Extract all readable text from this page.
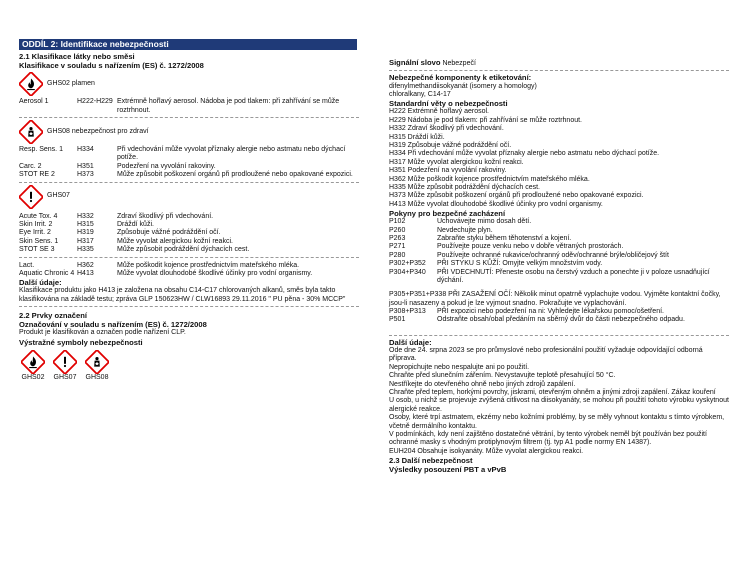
ODDÍL 2: Identifikace nebezpečnosti
2.1 Klasifikace látky nebo směsi
Klasifikace v souladu s nařízením (ES) č. 1272/2008
GHS02 plamen
Aerosol 1	H222-H229 Extrémně hořlavý aerosol. Nádoba je pod tlakem: při zahřívání se může roztrhnout.
GHS08 nebezpečnost pro zdraví
Resp. Sens. 1	H334	Při vdechování může vyvolat příznaky alergie nebo astmatu nebo dýchací potíže.
Carc. 2	H351	Podezření na vyvolání rakoviny.
STOT RE 2	H373	Může způsobit poškození orgánů při prodloužené nebo opakované expozici.
GHS07
Acute Tox. 4	H332	Zdraví škodlivý při vdechování.
Skin Irrit. 2	H315	Dráždí kůži.
Eye Irrit. 2	H319	Způsobuje vážné podráždění očí.
Skin Sens. 1	H317	Může vyvolat alergickou kožní reakci.
STOT SE 3	H335	Může způsobit podráždění dýchacích cest.
Lact.	H362	Může poškodit kojence prostřednictvím mateřského mléka.
Aquatic Chronic 4 H413	Může vyvolat dlouhodobé škodlivé účinky pro vodní organismy.
Další údaje:
Klasifikace produktu jako H413 je založena na obsahu C14-C17 chlorovaných alkanů, směs byla takto klasifikována na základě testu; zpráva GLP 150623HW / CLW16893 29.11.2016 " PU pěna - 30% MCCP"
2.2 Prvky označení
Označování v souladu s nařízením (ES) č. 1272/2008
Produkt je klasifikován a označen podle nařízení CLP.
Výstražné symboly nebezpečnosti
GHS02 GHS07 GHS08
Signální slovo Nebezpečí
Nebezpečné komponenty k etiketování:
difenylmethandiisokyanát (isomery a homology)
chloralkany, C14-17
Standardní věty o nebezpečnosti
H222 Extrémně hořlavý aerosol.
H229 Nádoba je pod tlakem: při zahřívání se může roztrhnout.
H332 Zdraví škodlivý při vdechování.
H315 Dráždí kůži.
H319 Způsobuje vážné podráždění očí.
H334 Při vdechování může vyvolat příznaky alergie nebo astmatu nebo dýchací potíže.
H317 Může vyvolat alergickou kožní reakci.
H351 Podezření na vyvolání rakoviny.
H362 Může poškodit kojence prostřednictvím mateřského mléka.
H335 Může způsobit podráždění dýchacích cest.
H373 Může způsobit poškození orgánů při prodloužené nebo opakované expozici.
H413 Může vyvolat dlouhodobé škodlivé účinky pro vodní organismy.
Pokyny pro bezpečné zacházení
P102	Uchovávejte mimo dosah dětí.
P260	Nevdechujte plyn.
P263	Zabraňte styku během těhotenství a kojení.
P271	Používejte pouze venku nebo v dobře větraných prostorách.
P280	Používejte ochranné rukavice/ochranný oděv/ochranné brýle/obličejový štít
P302+P352	PŘI STYKU S KŮŽÍ: Omyjte velkým množstvím vody.
P304+P340	PŘI VDECHNUTÍ: Přeneste osobu na čerstvý vzduch a ponechte ji v poloze usnadňující dýchání.
P305+P351+P338 PŘI ZASAŽENÍ OČÍ: Několik minut opatrně vyplachujte vodou. Vyjměte kontaktní čočky, jsou-li nasazeny a pokud je lze vyjmout snadno. Pokračujte ve vyplachování.
P308+P313	PŘI expozici nebo podezření na ni: Vyhledejte lékařskou pomoc/ošetření.
P501	Odstraňte obsah/obal předáním na sběrný dvůr do části nebezpečného odpadu.
Další údaje:
Ode dne 24. srpna 2023 se pro průmyslové nebo profesionální použití vyžaduje odpovídající odborná příprava.
Nepropichujte nebo nespalujte ani po použití.
Chraňte před slunečním zářením. Nevystavujte teplotě přesahující 50 °C.
Nestříkejte do otevřeného ohně nebo jiných zdrojů zapálení.
Chraňte před teplem, horkými povrchy, jiskrami, otevřeným ohněm a jinými zdroji zapálení. Zákaz kouření
U osob, u nichž se projevuje zvýšená citlivost na diisokyanáty, se mohou při použití tohoto výrobku vyskytnout alergické reakce.
Osoby, které trpí astmatem, ekzémy nebo kožními problémy, by se měly vyhnout kontaktu s tímto výrobkem, včetně dermálního kontaktu.
V podmínkách, kdy není zajištěno dostatečné větrání, by tento výrobek neměl být používán bez použití ochranné masky s vhodným protiplynovým filtrem (tj. typ A1 podle normy EN 14387).
EUH204 Obsahuje isokyanáty. Může vyvolat alergickou reakci.
2.3 Další nebezpečnost
Výsledky posouzení PBT a vPvB
